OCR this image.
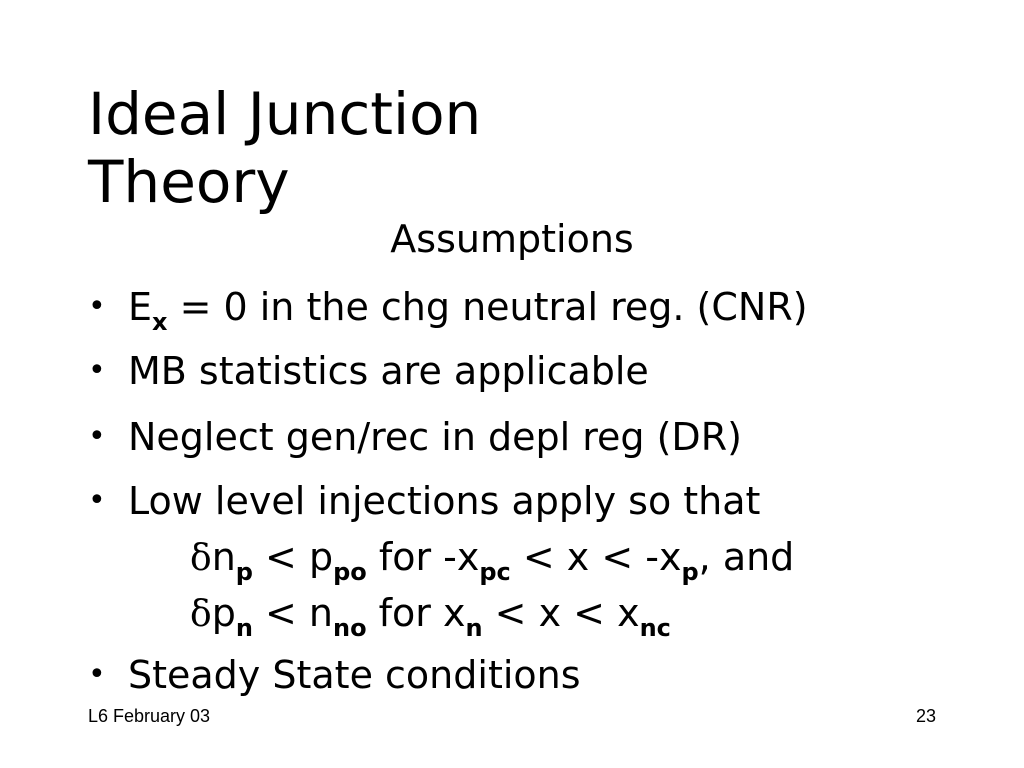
Ideal Junction
Theory
Assumptions
• $E_x = 0$ in the chg neutral reg. (CNR)
• MB statistics are applicable
• Neglect gen/rec in depl reg (DR)
• Low level injections apply so that
$\delta n_p < p_{po}$ for $-x_{pc} < x < -x_p$, and
$\delta p_n < n_{no}$ for $x_n < x < x_{nc}$
• Steady State conditions
L6 February 03	23
